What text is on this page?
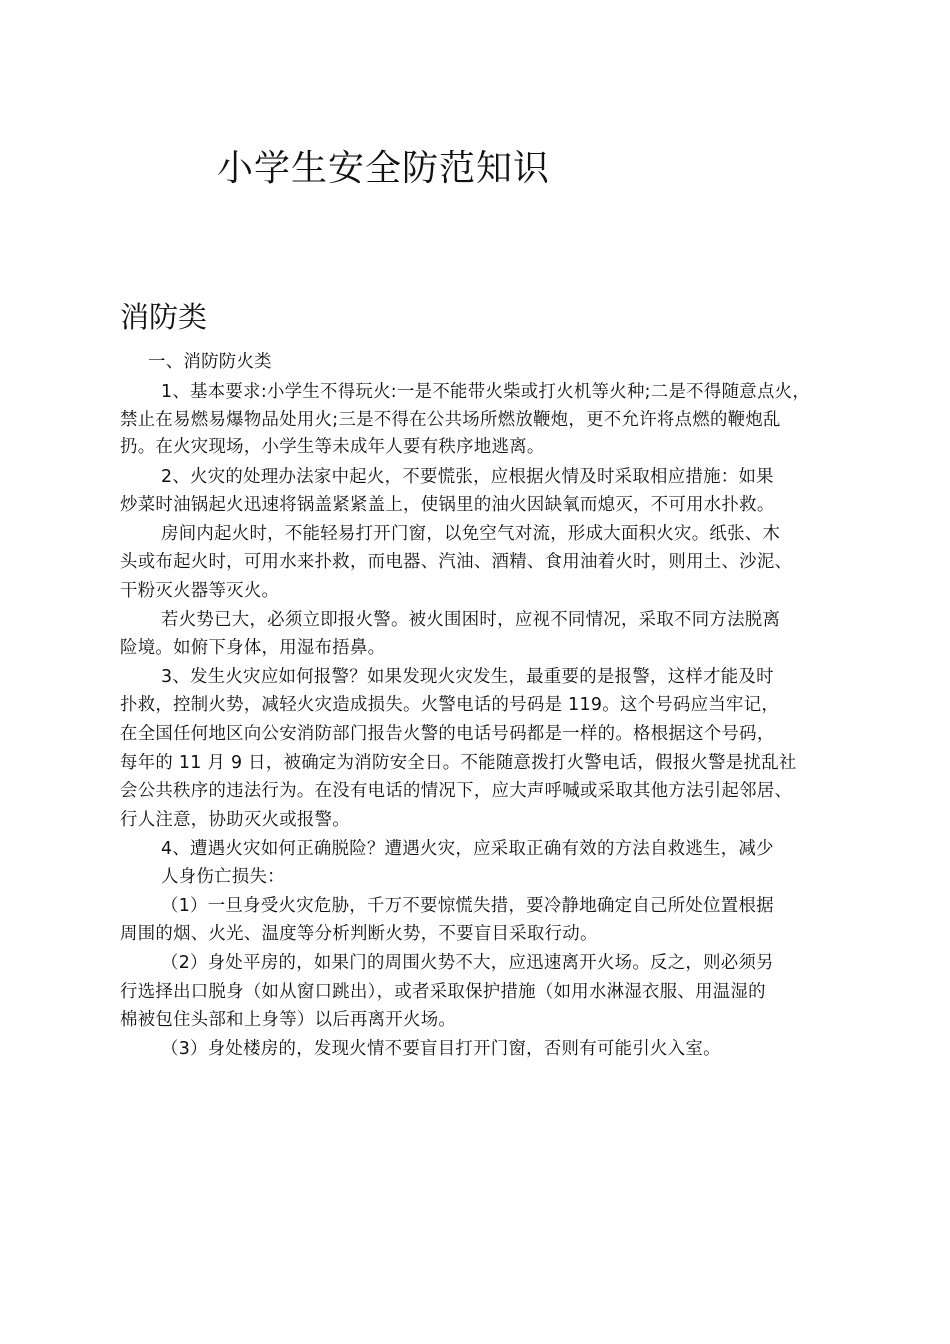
小学生安全防范知识
消防类
一、消防防火类
1、基本要求:小学生不得玩火:一是不能带火柴或打火机等火种;二是不得随意点火，
禁止在易燃易爆物品处用火;三是不得在公共场所燃放鞭炮，更不允许将点燃的鞭炮乱
扔。在火灾现场，小学生等未成年人要有秩序地逃离。
2、火灾的处理办法家中起火，不要慌张，应根据火情及时采取相应措施：如果
炒菜时油锅起火迅速将锅盖紧紧盖上，使锅里的油火因缺氧而熄灭，不可用水扑救。
房间内起火时，不能轻易打开门窗，以免空气对流，形成大面积火灾。纸张、木
头或布起火时，可用水来扑救，而电器、汽油、酒精、食用油着火时，则用土、沙泥、
干粉灭火器等灭火。
若火势已大，必须立即报火警。被火围困时，应视不同情况，采取不同方法脱离
险境。如俯下身体，用湿布捂鼻。
3、发生火灾应如何报警？如果发现火灾发生，最重要的是报警，这样才能及时
扑救，控制火势，减轻火灾造成损失。火警电话的号码是 119。这个号码应当牢记，
在全国任何地区向公安消防部门报告火警的电话号码都是一样的。格根据这个号码，
每年的 11 月 9 日，被确定为消防安全日。不能随意拨打火警电话，假报火警是扰乱社
会公共秩序的违法行为。在没有电话的情况下，应大声呼喊或采取其他方法引起邻居、
行人注意，协助灭火或报警。
4、遭遇火灾如何正确脱险？遭遇火灾，应采取正确有效的方法自救逃生，减少
人身伤亡损失：
（1）一旦身受火灾危胁，千万不要惊慌失措，要冷静地确定自己所处位置根据
周围的烟、火光、温度等分析判断火势，不要盲目采取行动。
（2）身处平房的，如果门的周围火势不大，应迅速离开火场。反之，则必须另
行选择出口脱身（如从窗口跳出），或者采取保护措施（如用水淋湿衣服、用温湿的
棉被包住头部和上身等）以后再离开火场。
（3）身处楼房的，发现火情不要盲目打开门窗，否则有可能引火入室。
